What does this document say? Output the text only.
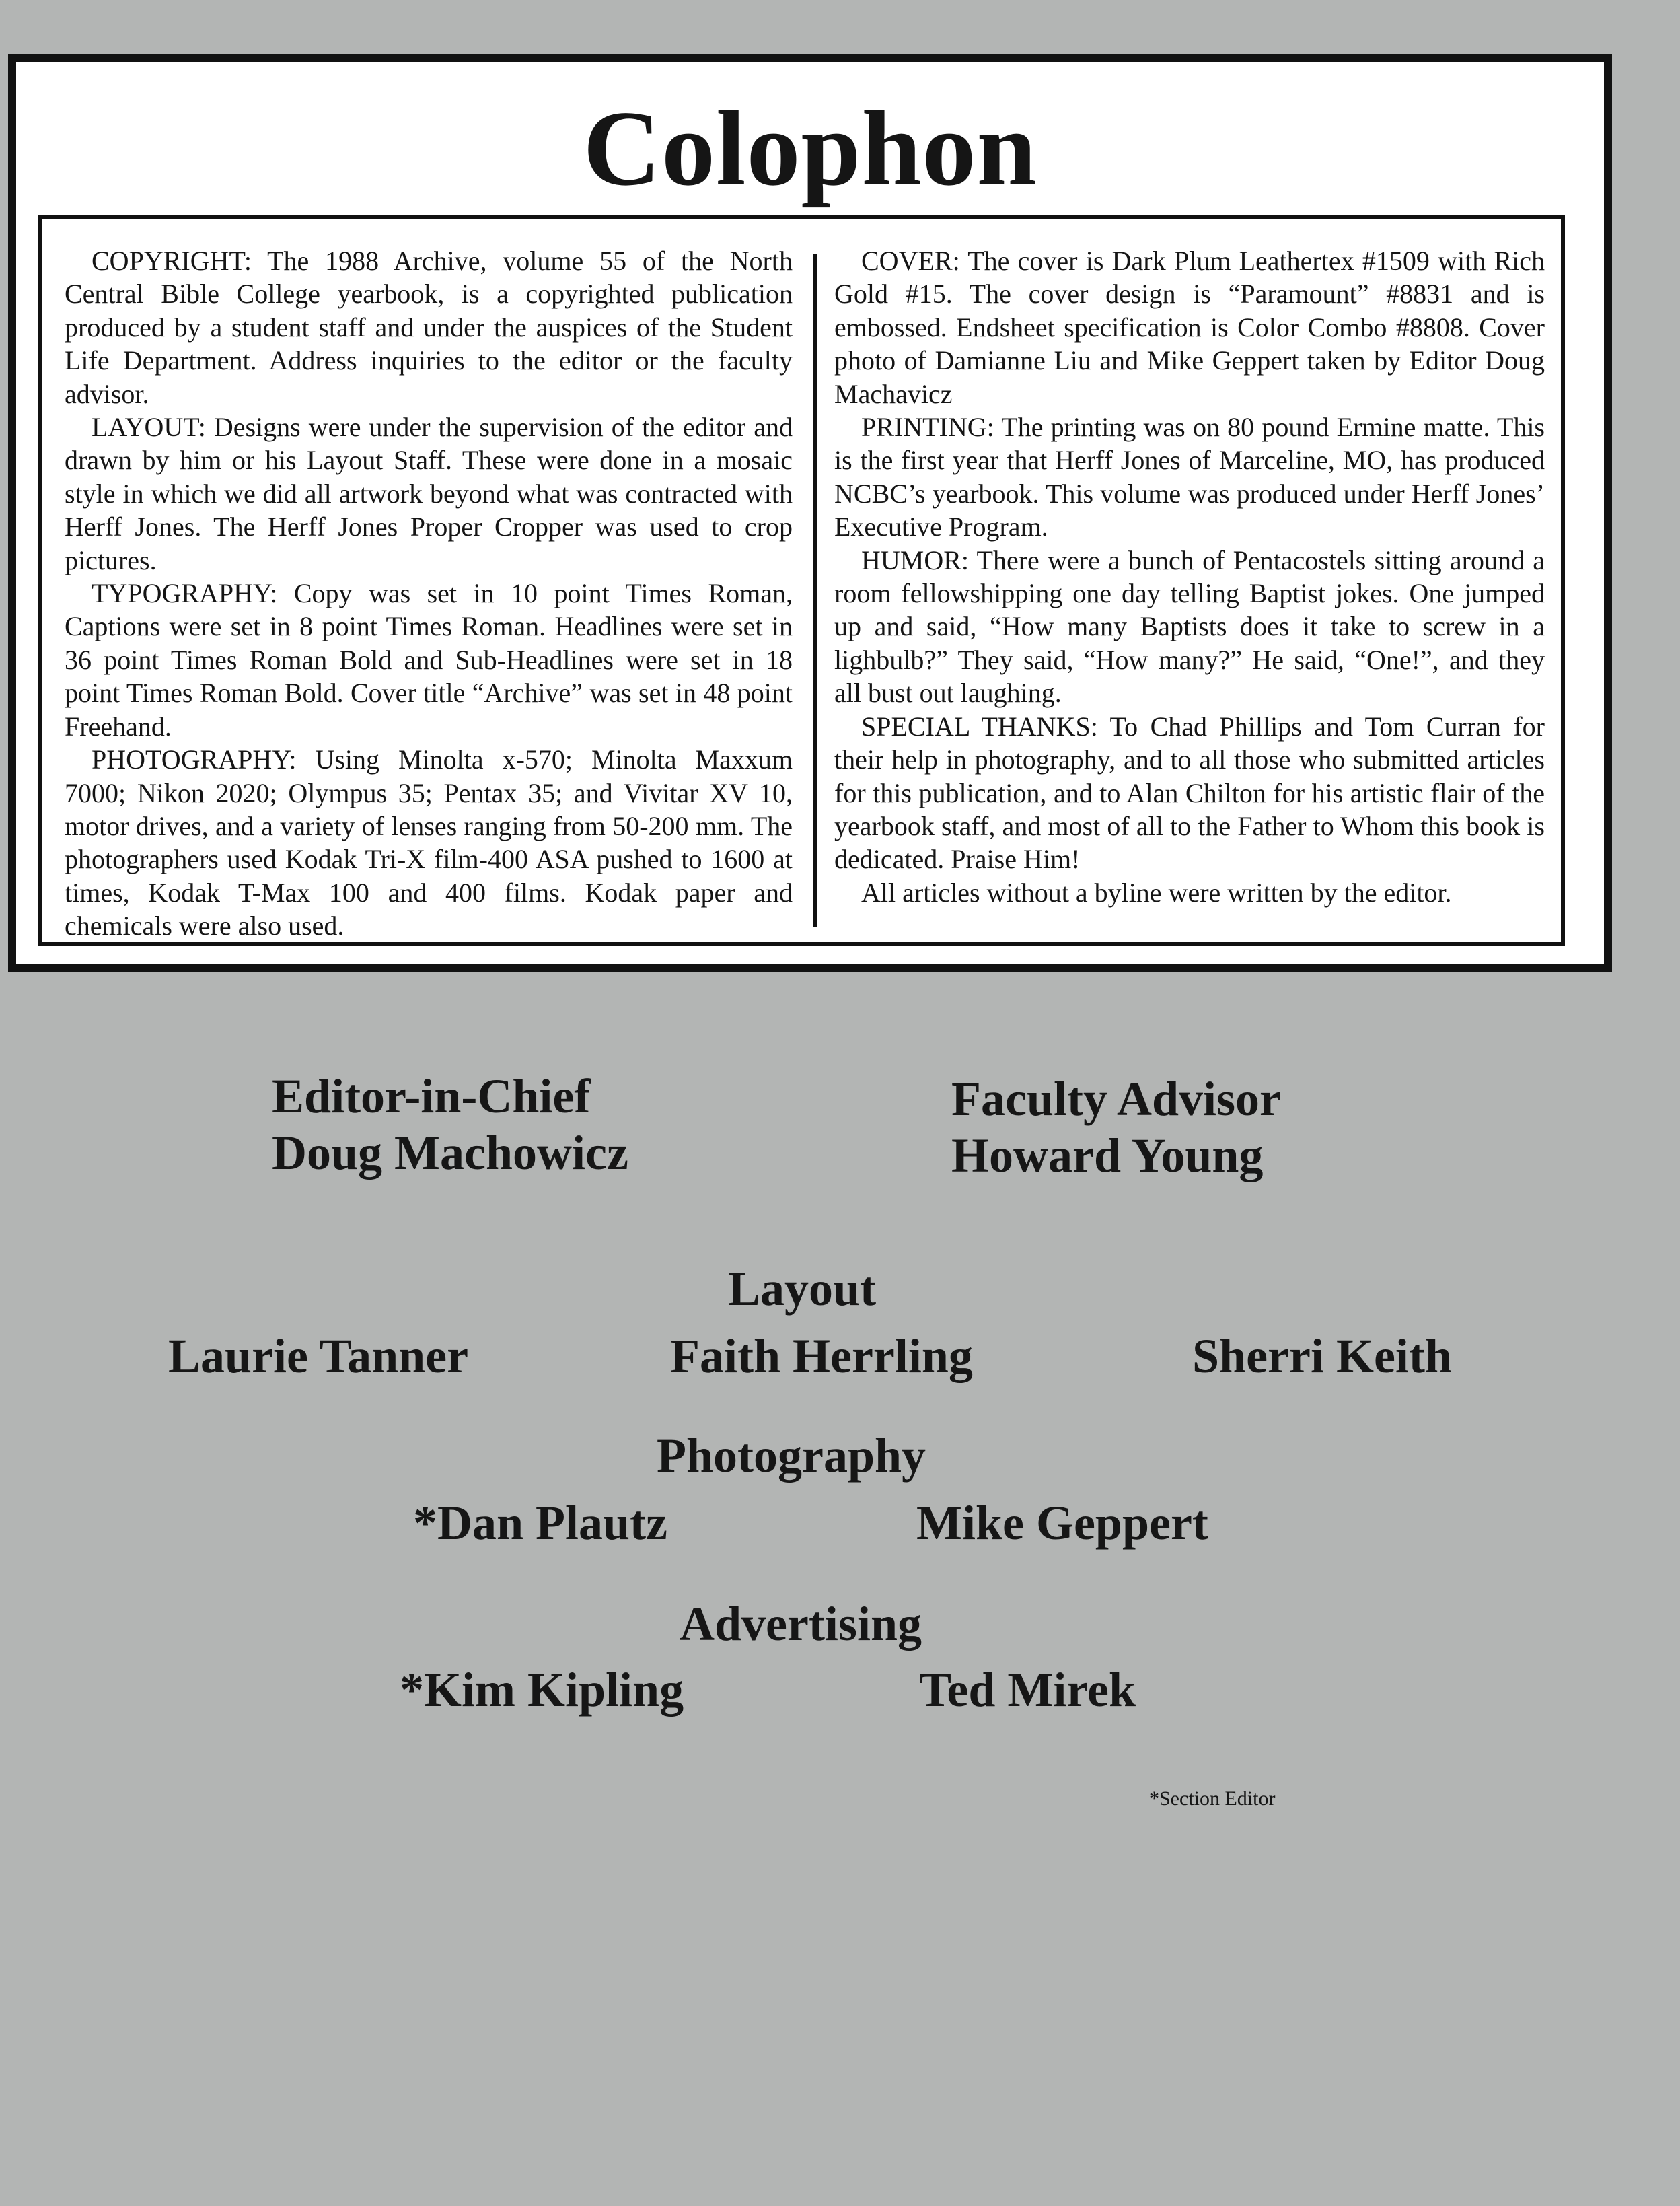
Colophon

COPYRIGHT: The 1988 Archive, volume 55 of the North Central Bible College yearbook, is a copyrighted publication produced by a student staff and under the auspices of the Student Life Department. Address inquiries to the editor or the faculty advisor.

LAYOUT: Designs were under the supervision of the editor and drawn by him or his Layout Staff. These were done in a mosaic style in which we did all artwork beyond what was contracted with Herff Jones. The Herff Jones Proper Cropper was used to crop pictures.

TYPOGRAPHY: Copy was set in 10 point Times Roman, Captions were set in 8 point Times Roman. Headlines were set in 36 point Times Roman Bold and Sub-Headlines were set in 18 point Times Roman Bold. Cover title “Archive” was set in 48 point Freehand.

PHOTOGRAPHY: Using Minolta x-570; Minolta Maxxum 7000; Nikon 2020; Olympus 35; Pentax 35; and Vivitar XV 10, motor drives, and a variety of lenses ranging from 50-200 mm. The photographers used Kodak Tri-X film-400 ASA pushed to 1600 at times, Kodak T-Max 100 and 400 films. Kodak paper and chemicals were also used.

COVER: The cover is Dark Plum Leathertex #1509 with Rich Gold #15. The cover design is “Paramount” #8831 and is embossed. Endsheet specification is Color Combo #8808. Cover photo of Damianne Liu and Mike Geppert taken by Editor Doug Machavicz

PRINTING: The printing was on 80 pound Ermine matte. This is the first year that Herff Jones of Marceline, MO, has produced NCBC’s yearbook. This volume was produced under Herff Jones’ Executive Program.

HUMOR: There were a bunch of Pentacostels sitting around a room fellowshipping one day telling Baptist jokes. One jumped up and said, “How many Baptists does it take to screw in a lighbulb?” They said, “How many?” He said, “One!”, and they all bust out laughing.

SPECIAL THANKS: To Chad Phillips and Tom Curran for their help in photography, and to all those who submitted articles for this publication, and to Alan Chilton for his artistic flair of the yearbook staff, and most of all to the Father to Whom this book is dedicated. Praise Him!

All articles without a byline were written by the editor.

Editor-in-Chief
Doug Machowicz
Faculty Advisor
Howard Young
Layout
Laurie Tanner	Faith Herrling	Sherri Keith
Photography
*Dan Plautz	Mike Geppert
Advertising
*Kim Kipling	Ted Mirek
*Section Editor
